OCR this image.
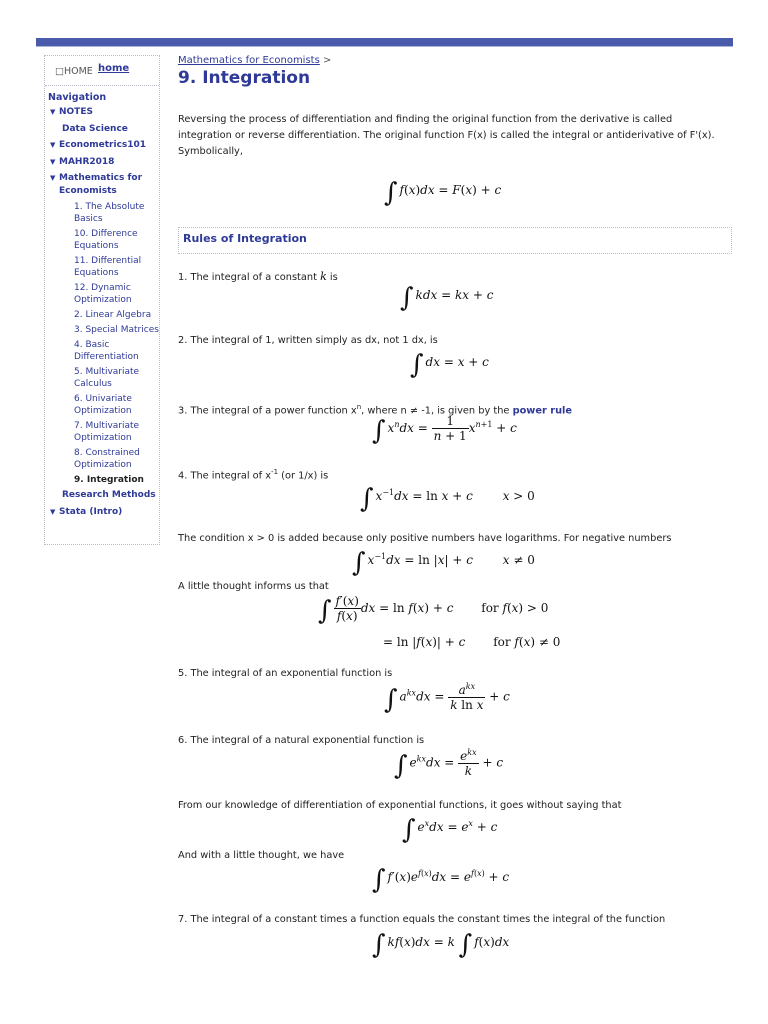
□HOME home
Navigation
▼ NOTES
Data Science
▼ Econometrics101
▼ MAHR2018
▼ Mathematics for
Economists
1. The Absolute Basics
10. Difference Equations
11. Differential Equations
12. Dynamic Optimization
2. Linear Algebra
3. Special Matrices
4. Basic Differentiation
5. Multivariate Calculus
6. Univariate Optimization
7. Multivariate Optimization
8. Constrained Optimization
9. Integration
Research Methods
▼ Stata (Intro)
Mathematics for Economists >
9. Integration

Reversing the process of differentiation and finding the original function from the derivative is called integration or reverse differentiation. The original function F(x) is called the integral or antiderivative of F'(x). Symbolically,

∫ f(x)dx = F(x) + c
Rules of Integration

1. The integral of a constant k is

∫ kdx = kx + c

2. The integral of 1, written simply as dx, not 1 dx, is

∫ dx = x + c

3. The integral of a power function $x^n$, where n ≠ -1, is given by the power rule

∫ $x^ndx = \frac{1}{n + 1} x^{n+1} + c$

4. The integral of $x^{-1}$ (or 1/x) is

∫ $x^{-1}dx = \ln x + c$ x > 0

The condition x > 0 is added because only positive numbers have logarithms. For negative numbers

∫ $x^{-1}dx = \ln |x| + c$ x ≠ 0

A little thought informs us that

∫ $\frac{f'(x)}{f(x)}$ dx = ln f(x) + c for f(x) > 0
= ln |f(x)| + c for f(x) ≠ 0

5. The integral of an exponential function is

∫ $a^{kx}dx = \frac{a^{kx}}{\text{k ln x}} + c$

6. The integral of a natural exponential function is

∫ $e^{kx}dx = \frac{e^{kx}}{k} + c$

From our knowledge of differentiation of exponential functions, it goes without saying that

∫ $e^xdx = e^x + c$

And with a little thought, we have

∫ $f'(x)e^{f(x)}dx = e^{f(x)} + c$

7. The integral of a constant times a function equals the constant times the integral of the function

∫ kf(x)dx = k ∫ f(x)dx
